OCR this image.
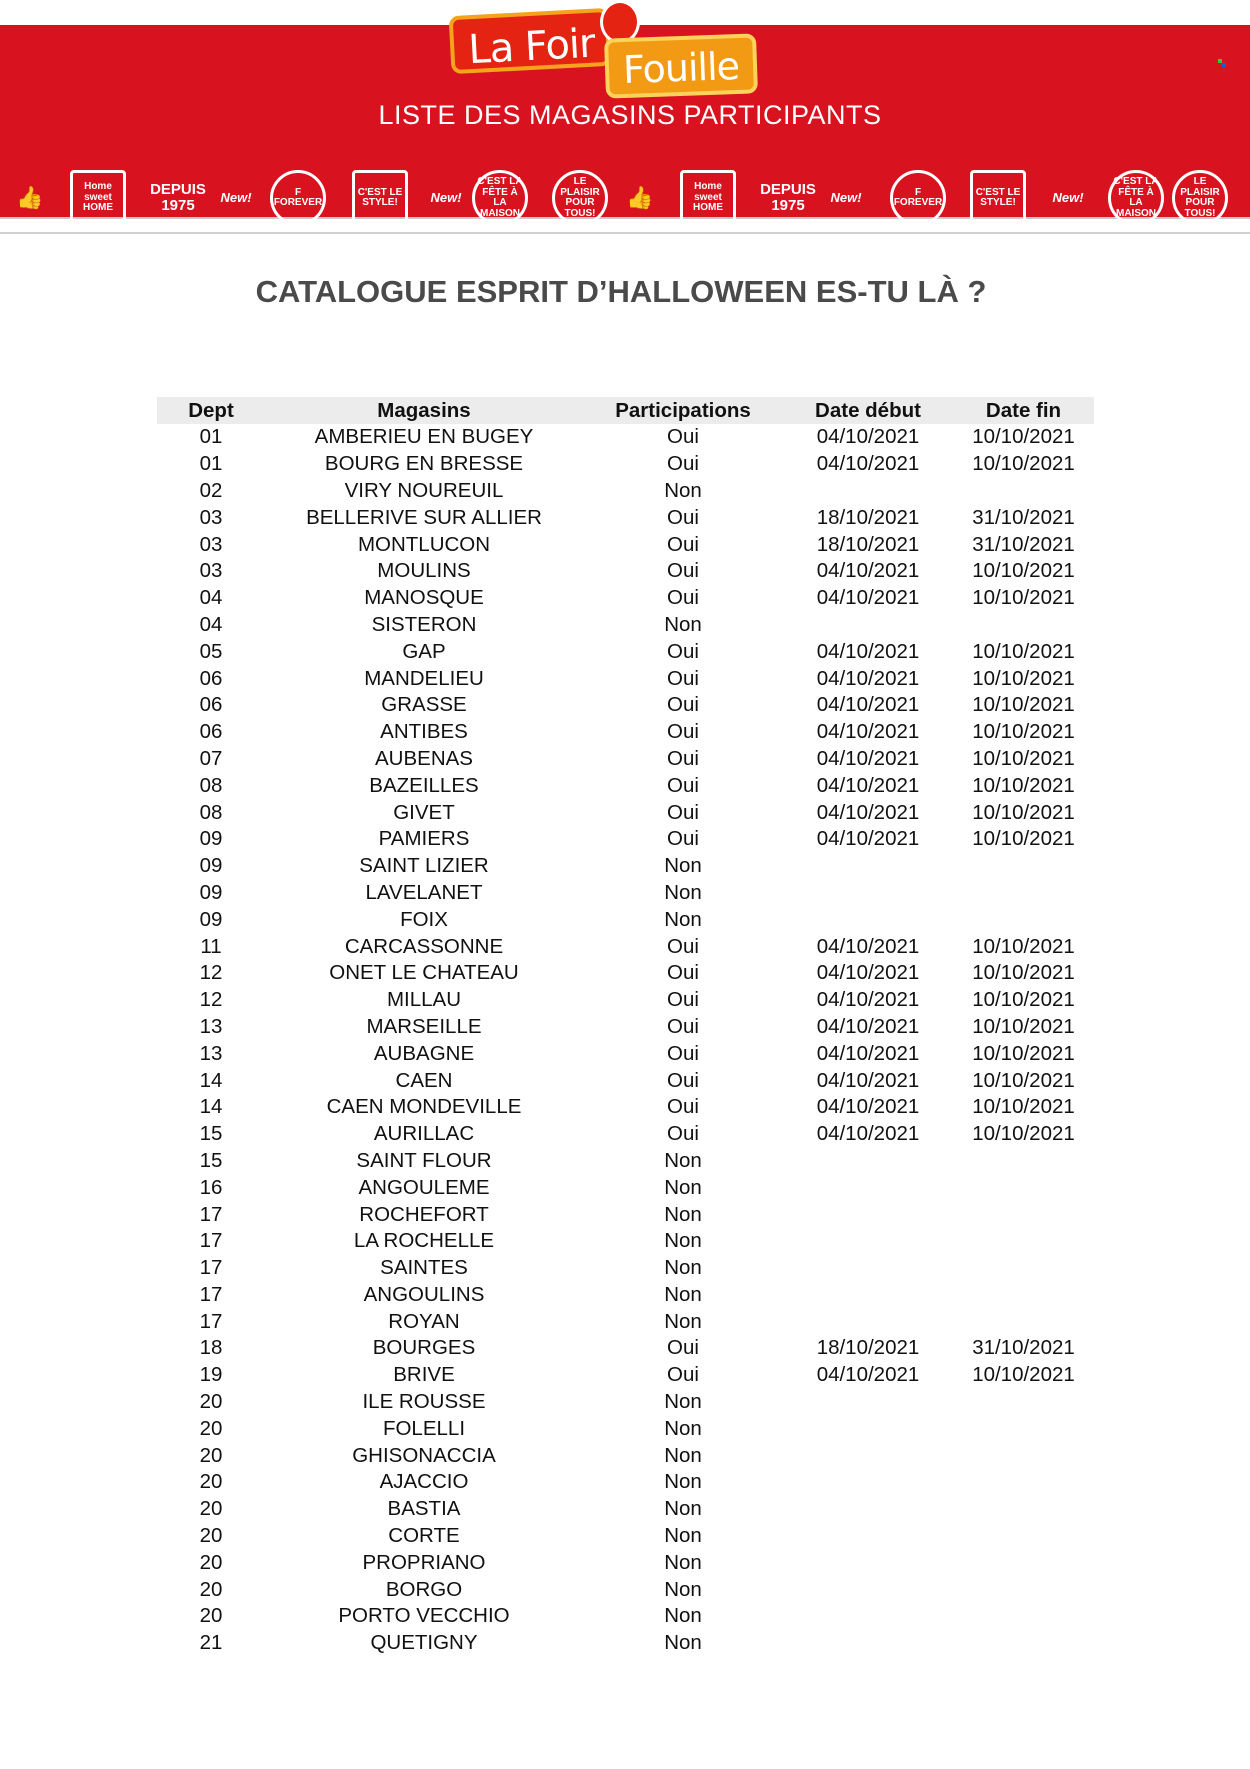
👍	Home sweet HOME
DEPUIS 1975	New!	F FOREVER
C'EST LE STYLE!	New!
C'EST LA FÊTE À LA MAISON
LE PLAISIR POUR TOUS!
👍	Home sweet HOME
DEPUIS 1975	New!	F FOREVER
C'EST LE STYLE!	New!
C'EST LA FÊTE À LA MAISON
LE PLAISIR POUR TOUS!
La Foir Fouille
LISTE DES MAGASINS PARTICIPANTS
CATALOGUE ESPRIT D’HALLOWEEN ES-TU LÀ ?
Dept	Magasins	Participations	Date début	Date fin
01	AMBERIEU EN BUGEY	Oui	04/10/2021	10/10/2021
01	BOURG EN BRESSE	Oui	04/10/2021	10/10/2021
02	VIRY NOUREUIL	Non		
03	BELLERIVE SUR ALLIER	Oui	18/10/2021	31/10/2021
03	MONTLUCON	Oui	18/10/2021	31/10/2021
03	MOULINS	Oui	04/10/2021	10/10/2021
04	MANOSQUE	Oui	04/10/2021	10/10/2021
04	SISTERON	Non		
05	GAP	Oui	04/10/2021	10/10/2021
06	MANDELIEU	Oui	04/10/2021	10/10/2021
06	GRASSE	Oui	04/10/2021	10/10/2021
06	ANTIBES	Oui	04/10/2021	10/10/2021
07	AUBENAS	Oui	04/10/2021	10/10/2021
08	BAZEILLES	Oui	04/10/2021	10/10/2021
08	GIVET	Oui	04/10/2021	10/10/2021
09	PAMIERS	Oui	04/10/2021	10/10/2021
09	SAINT LIZIER	Non		
09	LAVELANET	Non		
09	FOIX	Non		
11	CARCASSONNE	Oui	04/10/2021	10/10/2021
12	ONET LE CHATEAU	Oui	04/10/2021	10/10/2021
12	MILLAU	Oui	04/10/2021	10/10/2021
13	MARSEILLE	Oui	04/10/2021	10/10/2021
13	AUBAGNE	Oui	04/10/2021	10/10/2021
14	CAEN	Oui	04/10/2021	10/10/2021
14	CAEN MONDEVILLE	Oui	04/10/2021	10/10/2021
15	AURILLAC	Oui	04/10/2021	10/10/2021
15	SAINT FLOUR	Non		
16	ANGOULEME	Non		
17	ROCHEFORT	Non		
17	LA ROCHELLE	Non		
17	SAINTES	Non		
17	ANGOULINS	Non		
17	ROYAN	Non		
18	BOURGES	Oui	18/10/2021	31/10/2021
19	BRIVE	Oui	04/10/2021	10/10/2021
20	ILE ROUSSE	Non		
20	FOLELLI	Non		
20	GHISONACCIA	Non		
20	AJACCIO	Non		
20	BASTIA	Non		
20	CORTE	Non		
20	PROPRIANO	Non		
20	BORGO	Non		
20	PORTO VECCHIO	Non		
21	QUETIGNY	Non		
